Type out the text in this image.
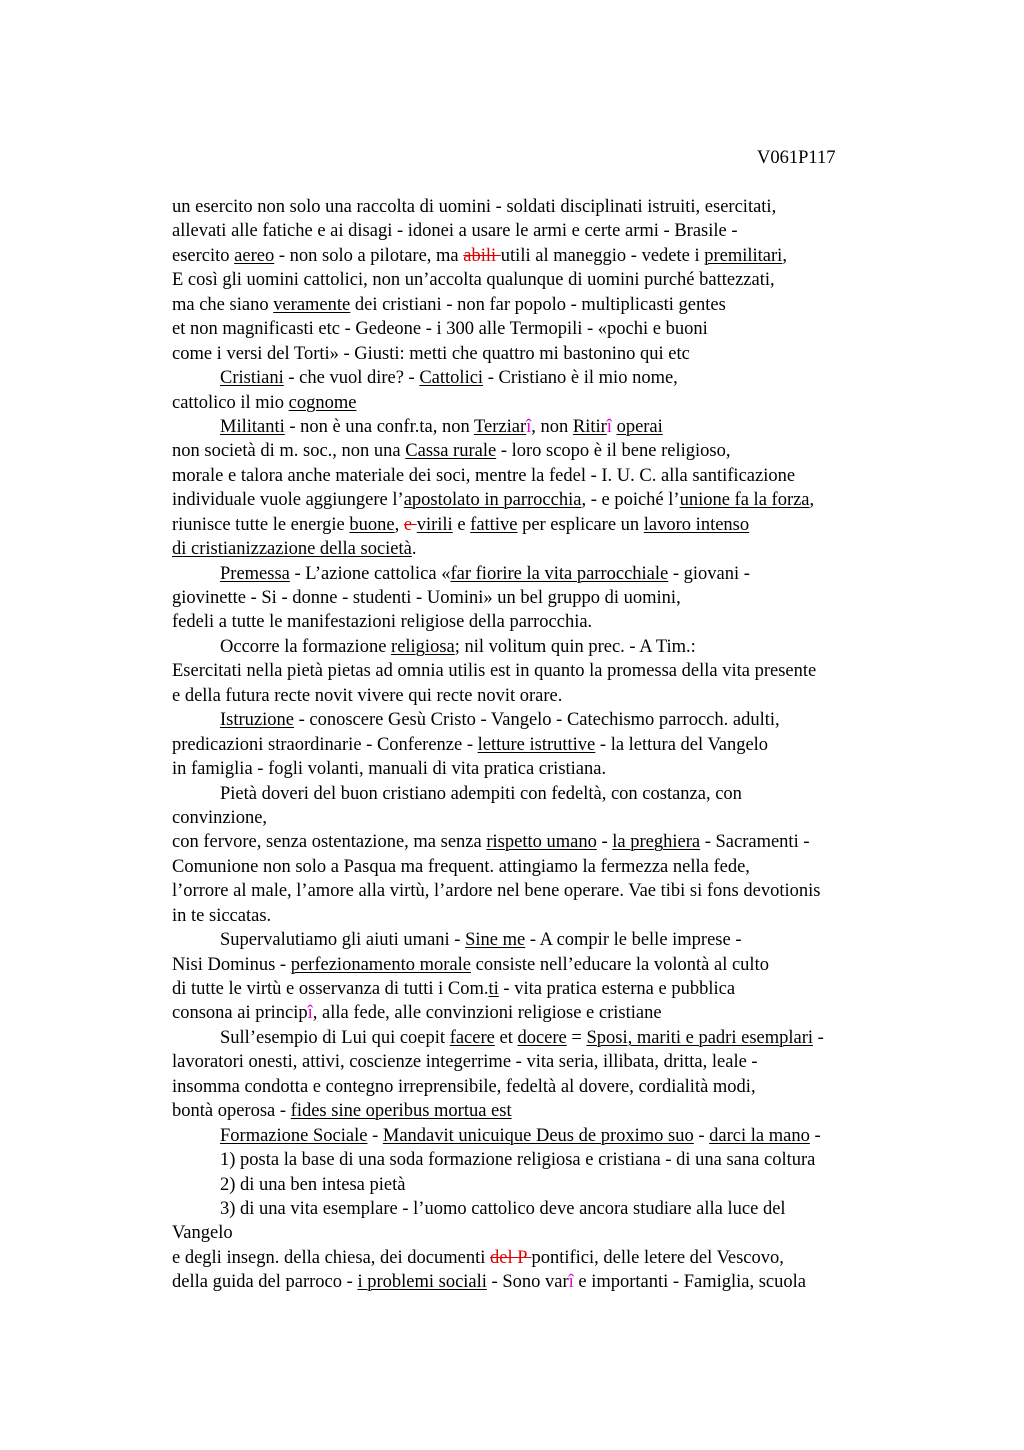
V061P117
un esercito non solo una raccolta di uomini - soldati disciplinati istruiti, esercitati,
allevati alle fatiche e ai disagi - idonei a usare le armi e certe armi - Brasile -
esercito aereo - non solo a pilotare, ma abili utili al maneggio - vedete i premilitari,
E così gli uomini cattolici, non un’accolta qualunque di uomini purché battezzati,
ma che siano veramente dei cristiani - non far popolo - multiplicasti gentes
et non magnificasti etc - Gedeone - i 300 alle Termopili - «pochi e buoni
come i versi del Torti» - Giusti: metti che quattro mi bastonino qui etc
Cristiani - che vuol dire? - Cattolici - Cristiano è il mio nome,
cattolico il mio cognome
Militanti - non è una confr.ta, non Terziarî, non Ritirî operai
non società di m. soc., non una Cassa rurale - loro scopo è il bene religioso,
morale e talora anche materiale dei soci, mentre la fedel - I. U. C. alla santificazione
individuale vuole aggiungere l’apostolato in parrocchia, - e poiché l’unione fa la forza,
riunisce tutte le energie buone, e virili e fattive per esplicare un lavoro intenso
di cristianizzazione della società.
Premessa - L’azione cattolica «far fiorire la vita parrocchiale - giovani -
giovinette - Si - donne - studenti - Uomini» un bel gruppo di uomini,
fedeli a tutte le manifestazioni religiose della parrocchia.
Occorre la formazione religiosa; nil volitum quin prec. - A Tim.:
Esercitati nella pietà pietas ad omnia utilis est in quanto la promessa della vita presente
e della futura recte novit vivere qui recte novit orare.
Istruzione - conoscere Gesù Cristo - Vangelo - Catechismo parrocch. adulti,
predicazioni straordinarie - Conferenze - letture istruttive - la lettura del Vangelo
in famiglia - fogli volanti, manuali di vita pratica cristiana.
Pietà doveri del buon cristiano adempiti con fedeltà, con costanza, con
convinzione,
con fervore, senza ostentazione, ma senza rispetto umano - la preghiera - Sacramenti -
Comunione non solo a Pasqua ma frequent. attingiamo la fermezza nella fede,
l’orrore al male, l’amore alla virtù, l’ardore nel bene operare. Vae tibi si fons devotionis
in te siccatas.
Supervalutiamo gli aiuti umani - Sine me - A compir le belle imprese -
Nisi Dominus - perfezionamento morale consiste nell’educare la volontà al culto
di tutte le virtù e osservanza di tutti i Com.ti - vita pratica esterna e pubblica
consona ai principî, alla fede, alle convinzioni religiose e cristiane
Sull’esempio di Lui qui coepit facere et docere = Sposi, mariti e padri esemplari -
lavoratori onesti, attivi, coscienze integerrime - vita seria, illibata, dritta, leale -
insomma condotta e contegno irreprensibile, fedeltà al dovere, cordialità modi,
bontà operosa - fides sine operibus mortua est
Formazione Sociale - Mandavit unicuique Deus de proximo suo - darci la mano -
1) posta la base di una soda formazione religiosa e cristiana - di una sana coltura
2) di una ben intesa pietà
3) di una vita esemplare - l’uomo cattolico deve ancora studiare alla luce del
Vangelo
e degli insegn. della chiesa, dei documenti del P pontifici, delle letere del Vescovo,
della guida del parroco - i problemi sociali - Sono varî e importanti - Famiglia, scuola
